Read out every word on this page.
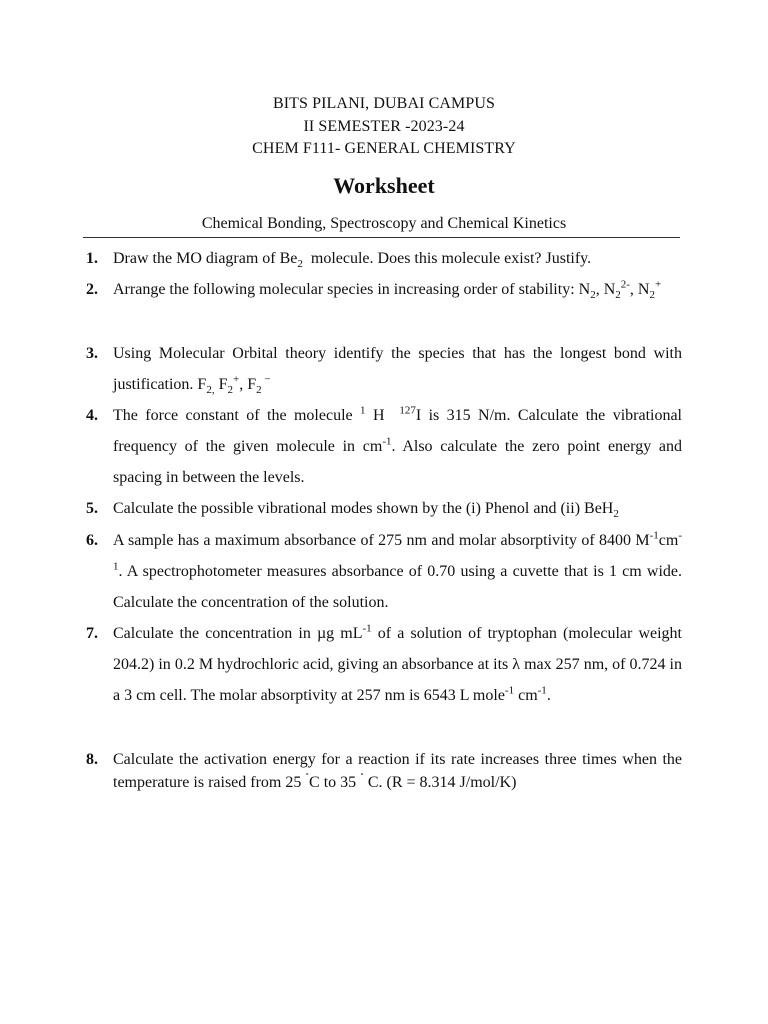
BITS PILANI, DUBAI CAMPUS
II SEMESTER -2023-24
CHEM F111- GENERAL CHEMISTRY
Worksheet
Chemical Bonding, Spectroscopy and Chemical Kinetics
1. Draw the MO diagram of $Be_2$  molecule. Does this molecule exist? Justify.
2. Arrange the following molecular species in increasing order of stability: $N_2$, $N_2^{2-}$, $N_2^+$
3. Using Molecular Orbital theory identify the species that has the longest bond with justification. $F_{2,}$ $F_2^+$, $F_2$ −
4. The force constant of the molecule $^1$ H  $^{127}$I is 315 N/m. Calculate the vibrational frequency of the given molecule in $cm^{-1}$. Also calculate the zero point energy and spacing in between the levels.
5. Calculate the possible vibrational modes shown by the (i) Phenol and (ii) BeH$_2$
6. A sample has a maximum absorbance of 275 nm and molar absorptivity of 8400 $M^{-1}cm^{-1}$. A spectrophotometer measures absorbance of 0.70 using a cuvette that is 1 cm wide. Calculate the concentration of the solution.
7. Calculate the concentration in µg $mL^{-1}$ of a solution of tryptophan (molecular weight 204.2) in 0.2 M hydrochloric acid, giving an absorbance at its λ max 257 nm, of 0.724 in a 3 cm cell. The molar absorptivity at 257 nm is 6543 L mole$^{-1}$ $cm^{-1}$.
8. Calculate the activation energy for a reaction if its rate increases three times when the temperature is raised from 25 ˚C to 35 ˚ C. (R = 8.314 J/mol/K)
